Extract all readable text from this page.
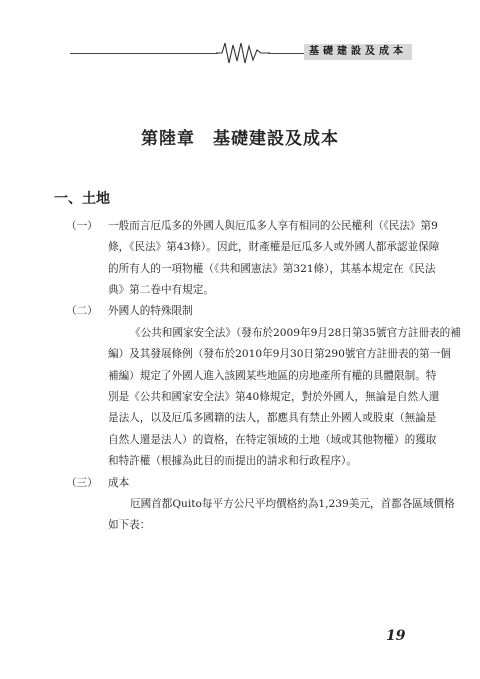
基礎建設及成本
第陸章　基礎建設及成本
一、土地
（一） 一般而言厄瓜多的外國人與厄瓜多人享有相同的公民權利（《民法》第9
條，《民法》第43條）。因此，財產權是厄瓜多人或外國人都承認並保障
的所有人的一項物權（《共和國憲法》第321條），其基本規定在《民法
典》第二卷中有規定。
（二） 外國人的特殊限制
《公共和國家安全法》（發布於2009年9月28日第35號官方註冊表的補
編）及其發展條例（發布於2010年9月30日第290號官方註冊表的第一個
補編）規定了外國人進入該國某些地區的房地產所有權的具體限制。特
別是《公共和國家安全法》第40條規定，對於外國人，無論是自然人還
是法人，以及厄瓜多國籍的法人，都應具有禁止外國人或股東（無論是
自然人還是法人）的資格，在特定領域的土地（域或其他物權）的獲取
和特許權（根據為此目的而提出的請求和行政程序）。
（三） 成本
厄國首都Quito每平方公尺平均價格約為1,239美元，首都各區域價格
如下表：
19
